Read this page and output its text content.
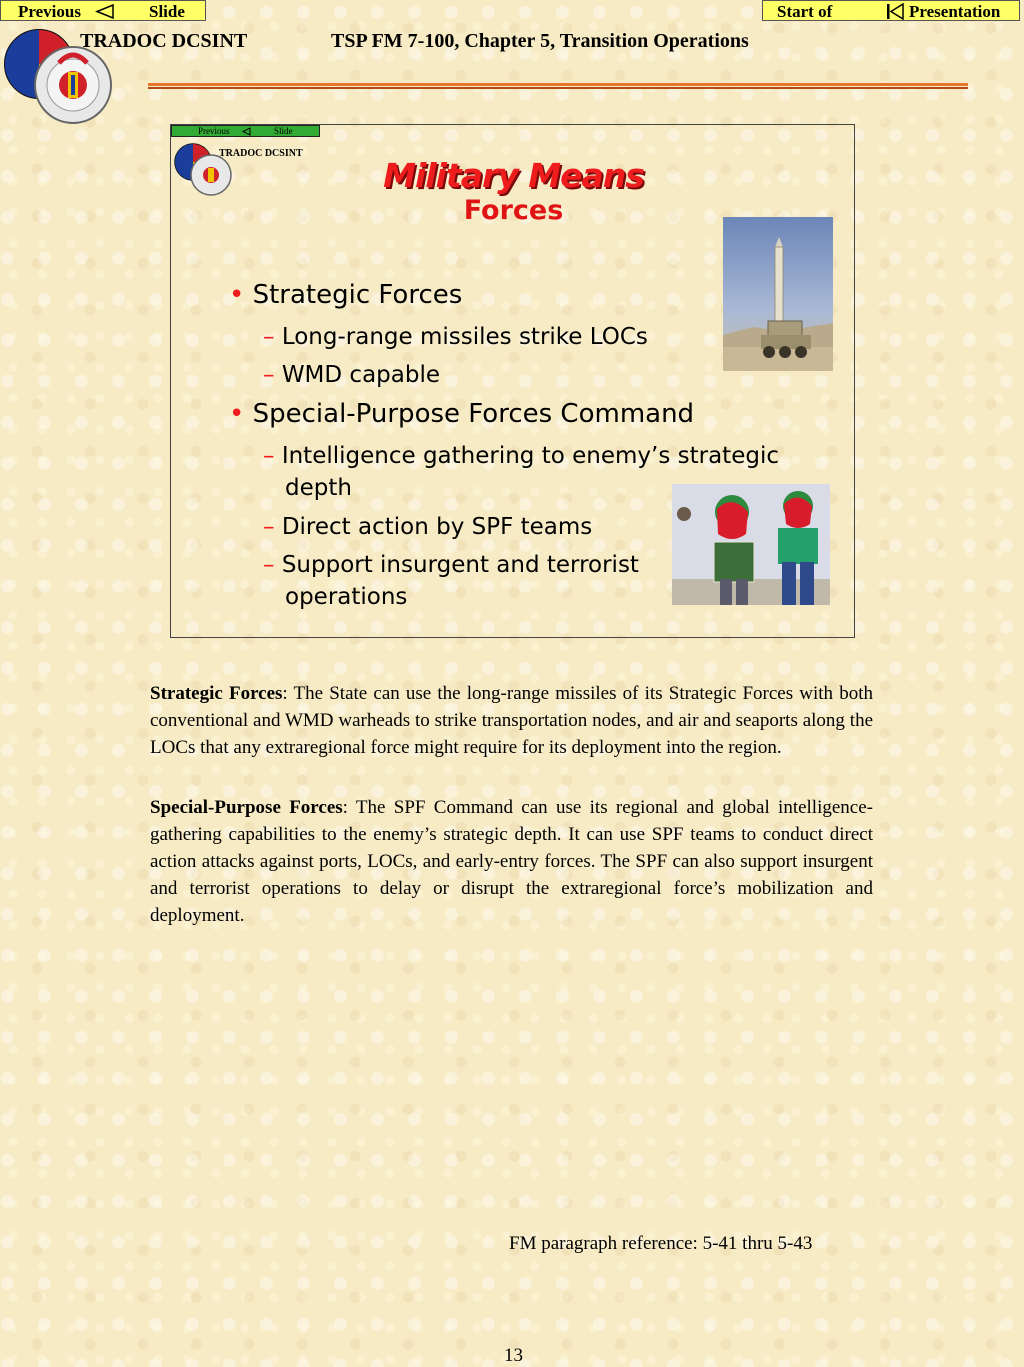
Previous	Slide	Start of	Presentation
TRADOC DCSINT	TSP FM 7-100, Chapter 5, Transition Operations
Previous	Slide
TRADOC DCSINT
Military Means
Forces
• Strategic Forces
– Long-range missiles strike LOCs
– WMD capable
• Special-Purpose Forces Command
– Intelligence gathering to enemy’s strategic
depth
– Direct action by SPF teams
– Support insurgent and terrorist
operations
Strategic Forces: The State can use the long-range missiles of its Strategic Forces with both conventional and WMD warheads to strike transportation nodes, and air and seaports along the LOCs that any extraregional force might require for its deployment into the region.
Special-Purpose Forces: The SPF Command can use its regional and global intelligence-gathering capabilities to the enemy’s strategic depth. It can use SPF teams to conduct direct action attacks against ports, LOCs, and early-entry forces. The SPF can also support insurgent and terrorist operations to delay or disrupt the extraregional force’s mobilization and deployment.
FM paragraph reference: 5-41 thru 5-43
13
